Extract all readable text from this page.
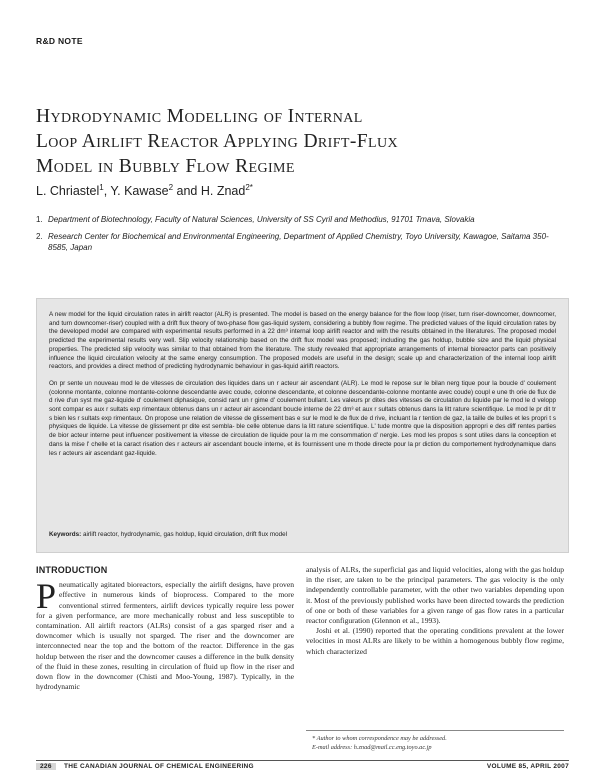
R&D NOTE
Hydrodynamic Modelling of Internal
Loop Airlift Reactor Applying Drift-Flux
Model in Bubbly Flow Regime
L. Chriastel$^1$, Y. Kawase$^2$ and H. Znad$^{2*}$
1. Department of Biotechnology, Faculty of Natural Sciences, University of SS Cyril and Methodius, 91701 Trnava, Slovakia
2. Research Center for Biochemical and Environmental Engineering, Department of Applied Chemistry, Toyo University, Kawagoe, Saitama 350-8585, Japan

A new model for the liquid circulation rates in airlift reactor (ALR) is presented. The model is based on the energy balance for the flow loop (riser, turn riser-downcomer, downcomer, and turn downcomer-riser) coupled with a drift flux theory of two-phase flow gas-liquid system, considering a bubbly flow regime. The predicted values of the liquid circulation rates by the developed model are compared with experimental results performed in a 22 dm³ internal loop airlift reactor and with the results obtained in the literatures. The proposed model predicted the experimental results very well. Slip velocity relationship based on the drift flux model was proposed; including the gas holdup, bubble size and the liquid physical properties. The predicted slip velocity was similar to that obtained from the literature. The study revealed that appropriate arrangements of internal bioreactor parts can positively influence the liquid circulation velocity at the same energy consumption. The proposed models are useful in the design; scale up and characterization of the internal loop airlift reactors, and provides a direct method of predicting hydrodynamic behaviour in gas-liquid airlift reactors.

On pr sente un nouveau mod le de vitesses de circulation des liquides dans un r acteur air ascendant (ALR). Le mod le repose sur le bilan nerg tique pour la boucle d' coulement (colonne montante, colonne montante-colonne descendante avec coude, colonne descendante, et colonne descendante-colonne montante avec coude) coupl e une th orie de flux de d rive d'un syst me gaz-liquide d' coulement diphasique, consid rant un r gime d' coulement bullant. Les valeurs pr dites des vitesses de circulation du liquide par le mod le d velopp sont compar es aux r sultats exp rimentaux obtenus dans un r acteur air ascendant boucle interne de 22 dm³ et aux r sultats obtenus dans la litt rature scientifique. Le mod le pr dit tr s bien les r sultats exp rimentaux. On propose une relation de vitesse de glissement bas e sur le mod le de flux de d rive, incluant la r tention de gaz, la taille de bulles et les propri t s physiques de liquide. La vitesse de glissement pr dite est sembla- ble celle obtenue dans la litt rature scientifique. L' tude montre que la disposition appropri e des diff rentes parties de bior acteur interne peut influencer positivement la vitesse de circulation de liquide pour la m me consommation d' nergie. Les mod les propos s sont utiles dans la conception et dans la mise l' chelle et la caract risation des r acteurs air ascendant boucle interne, et ils fournissent une m thode directe pour la pr diction du comportement hydrodynamique dans les r acteurs air ascendant gaz-liquide.

Keywords: airlift reactor, hydrodynamic, gas holdup, liquid circulation, drift flux model
INTRODUCTION

Pneumatically agitated bioreactors, especially the airlift designs, have proven effective in numerous kinds of bioprocess. Compared to the more conventional stirred fermenters, airlift devices typically require less power for a given performance, are more mechanically robust and less susceptible to contamination. All airlift reactors (ALRs) consist of a gas sparged riser and a downcomer which is usually not sparged. The riser and the downcomer are interconnected near the top and the bottom of the reactor. Difference in the gas holdup between the riser and the downcomer causes a difference in the bulk density of the fluid in these zones, resulting in circulation of fluid up flow in the riser and down flow in the downcomer (Chisti and Moo-Young, 1987). Typically, in the hydrodynamic

analysis of ALRs, the superficial gas and liquid velocities, along with the gas holdup in the riser, are taken to be the principal parameters. The gas velocity is the only independently controllable parameter, with the other two variables depending upon it. Most of the previously published works have been directed towards the prediction of one or both of these variables for a given range of gas flow rates in a particular reactor configuration (Glennon et al., 1993).

Joshi et al. (1990) reported that the operating conditions prevalent at the lower velocities in most ALRs are likely to be within a homogenous bubbly flow regime, which characterized

* Author to whom correspondence may be addressed.
E-mail address: h.znad@mail.cc.eng.toyo.ac.jp
226	THE CANADIAN JOURNAL OF CHEMICAL ENGINEERING	VOLUME 85, APRIL 2007
